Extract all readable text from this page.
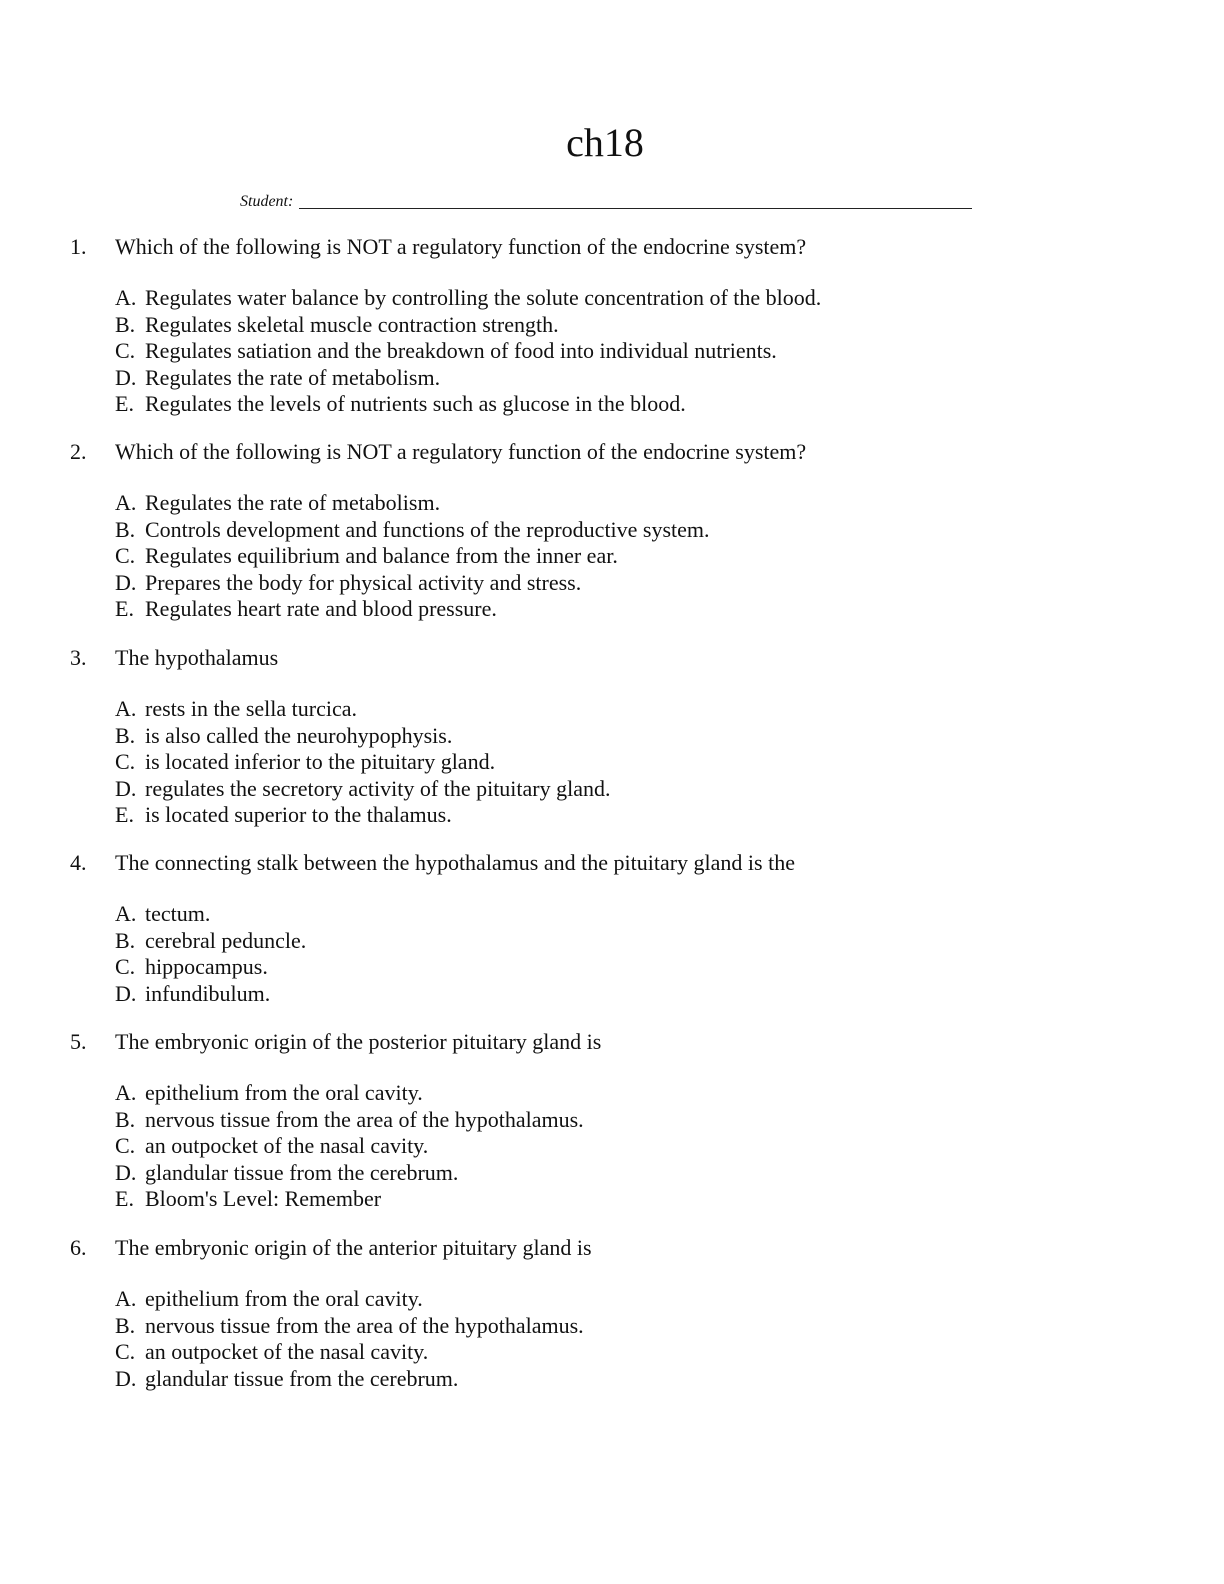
ch18
Student:
1.	Which of the following is NOT a regulatory function of the endocrine system?
A. Regulates water balance by controlling the solute concentration of the blood.
B. Regulates skeletal muscle contraction strength.
C. Regulates satiation and the breakdown of food into individual nutrients.
D. Regulates the rate of metabolism.
E. Regulates the levels of nutrients such as glucose in the blood.
2.	Which of the following is NOT a regulatory function of the endocrine system?
A. Regulates the rate of metabolism.
B. Controls development and functions of the reproductive system.
C. Regulates equilibrium and balance from the inner ear.
D. Prepares the body for physical activity and stress.
E. Regulates heart rate and blood pressure.
3.	The hypothalamus
A. rests in the sella turcica.
B. is also called the neurohypophysis.
C. is located inferior to the pituitary gland.
D. regulates the secretory activity of the pituitary gland.
E. is located superior to the thalamus.
4.	The connecting stalk between the hypothalamus and the pituitary gland is the
A. tectum.
B. cerebral peduncle.
C. hippocampus.
D. infundibulum.
5.	The embryonic origin of the posterior pituitary gland is
A. epithelium from the oral cavity.
B. nervous tissue from the area of the hypothalamus.
C. an outpocket of the nasal cavity.
D. glandular tissue from the cerebrum.
E. Bloom's Level: Remember
6.	The embryonic origin of the anterior pituitary gland is
A. epithelium from the oral cavity.
B. nervous tissue from the area of the hypothalamus.
C. an outpocket of the nasal cavity.
D. glandular tissue from the cerebrum.
